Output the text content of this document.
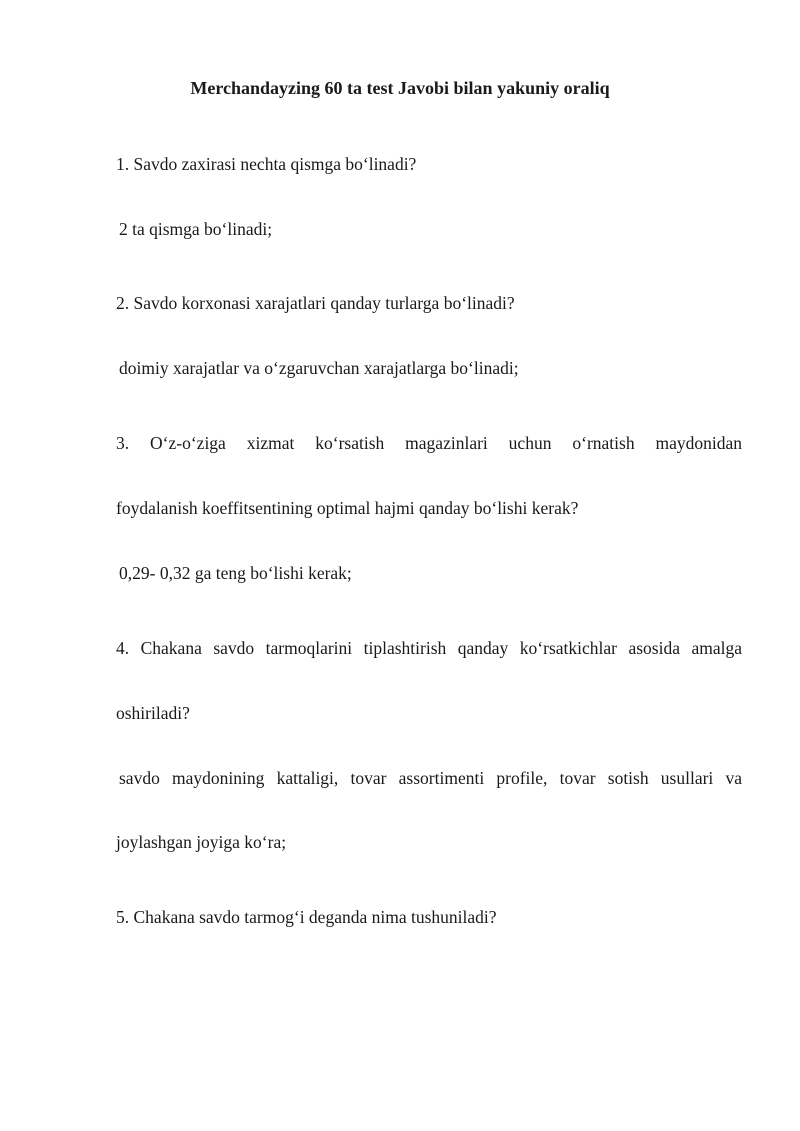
Merchandayzing 60 ta test Javobi bilan yakuniy oraliq

1. Savdo zaxirasi nechta qismga bo‘linadi?

2 ta qismga bo‘linadi;

2. Savdo korxonasi xarajatlari qanday turlarga bo‘linadi?

doimiy xarajatlar va o‘zgaruvchan xarajatlarga bo‘linadi;

3. O‘z-o‘ziga xizmat ko‘rsatish magazinlari uchun o‘rnatish maydonidan

foydalanish koeffitsentining optimal hajmi qanday bo‘lishi kerak?

0,29- 0,32 ga teng bo‘lishi kerak;

4. Chakana savdo tarmoqlarini tiplashtirish qanday ko‘rsatkichlar asosida amalga

oshiriladi?

savdo maydonining kattaligi, tovar assortimenti profile, tovar sotish usullari va

joylashgan joyiga ko‘ra;

5. Chakana savdo tarmog‘i deganda nima tushuniladi?
